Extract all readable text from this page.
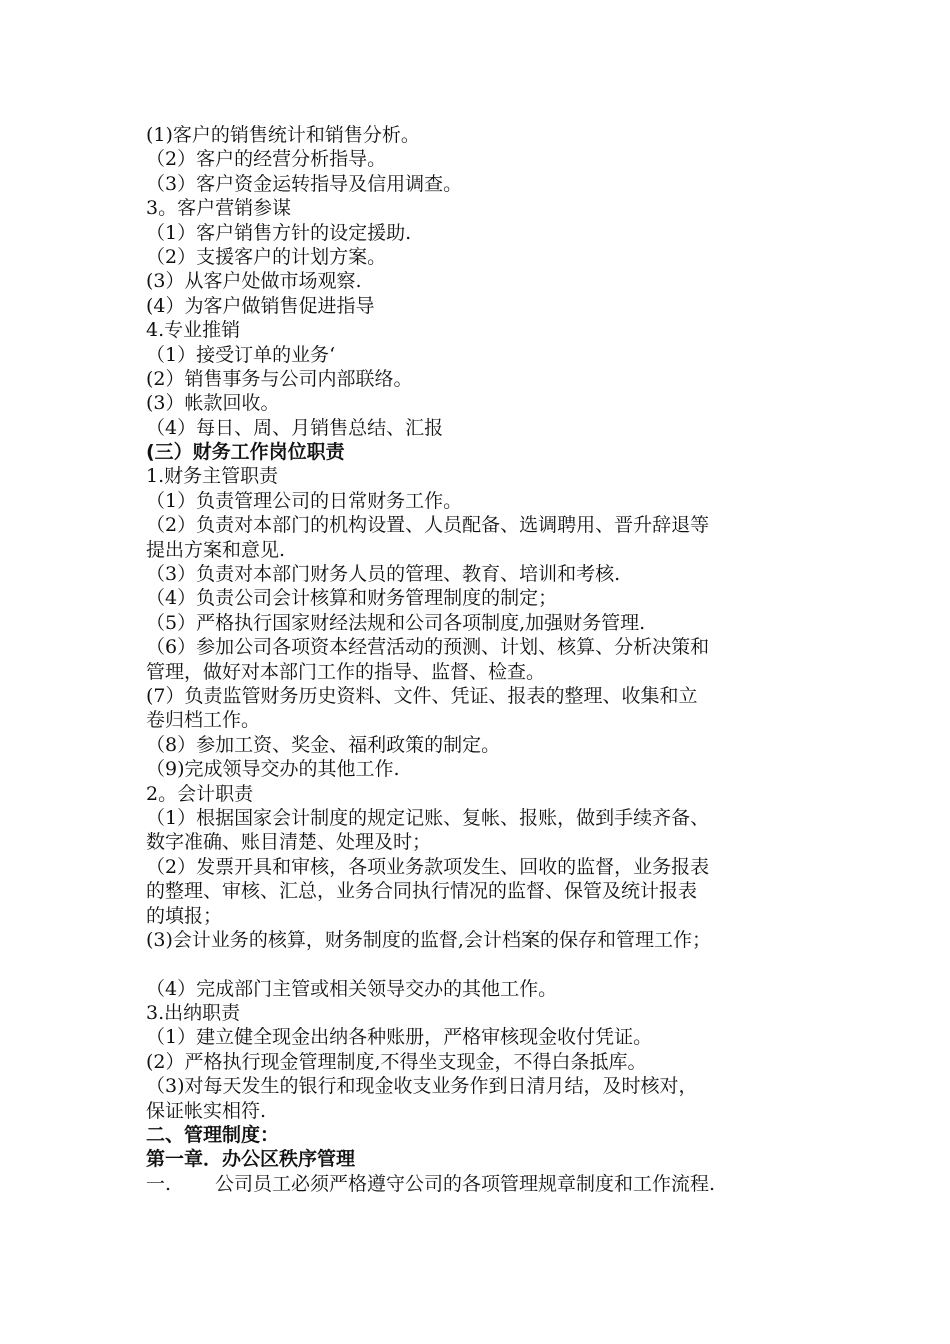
(1)客户的销售统计和销售分析。
（2）客户的经营分析指导。
（3）客户资金运转指导及信用调查。
3。客户营销参谋
（1）客户销售方针的设定援助.
（2）支援客户的计划方案。
(3）从客户处做市场观察.
(4）为客户做销售促进指导
4.专业推销
（1）接受订单的业务‘
(2）销售事务与公司内部联络。
(3）帐款回收。
（4）每日、周、月销售总结、汇报
(三）财务工作岗位职责
1.财务主管职责
（1）负责管理公司的日常财务工作。
（2）负责对本部门的机构设置、人员配备、选调聘用、晋升辞退等
提出方案和意见.
（3）负责对本部门财务人员的管理、教育、培训和考核.
（4）负责公司会计核算和财务管理制度的制定；
（5）严格执行国家财经法规和公司各项制度,加强财务管理.
（6）参加公司各项资本经营活动的预测、计划、核算、分析决策和
管理，做好对本部门工作的指导、监督、检查。
(7）负责监管财务历史资料、文件、凭证、报表的整理、收集和立
卷归档工作。
（8）参加工资、奖金、福利政策的制定。
（9)完成领导交办的其他工作.
2。会计职责
（1）根据国家会计制度的规定记账、复帐、报账，做到手续齐备、
数字准确、账目清楚、处理及时；
（2）发票开具和审核，各项业务款项发生、回收的监督，业务报表
的整理、审核、汇总，业务合同执行情况的监督、保管及统计报表
的填报；
(3)会计业务的核算，财务制度的监督,会计档案的保存和管理工作；
（4）完成部门主管或相关领导交办的其他工作。
3.出纳职责
（1）建立健全现金出纳各种账册，严格审核现金收付凭证。
(2）严格执行现金管理制度,不得坐支现金，不得白条抵库。
（3)对每天发生的银行和现金收支业务作到日清月结，及时核对，
保证帐实相符.
二、管理制度：
第一章．办公区秩序管理
一. 公司员工必须严格遵守公司的各项管理规章制度和工作流程.
